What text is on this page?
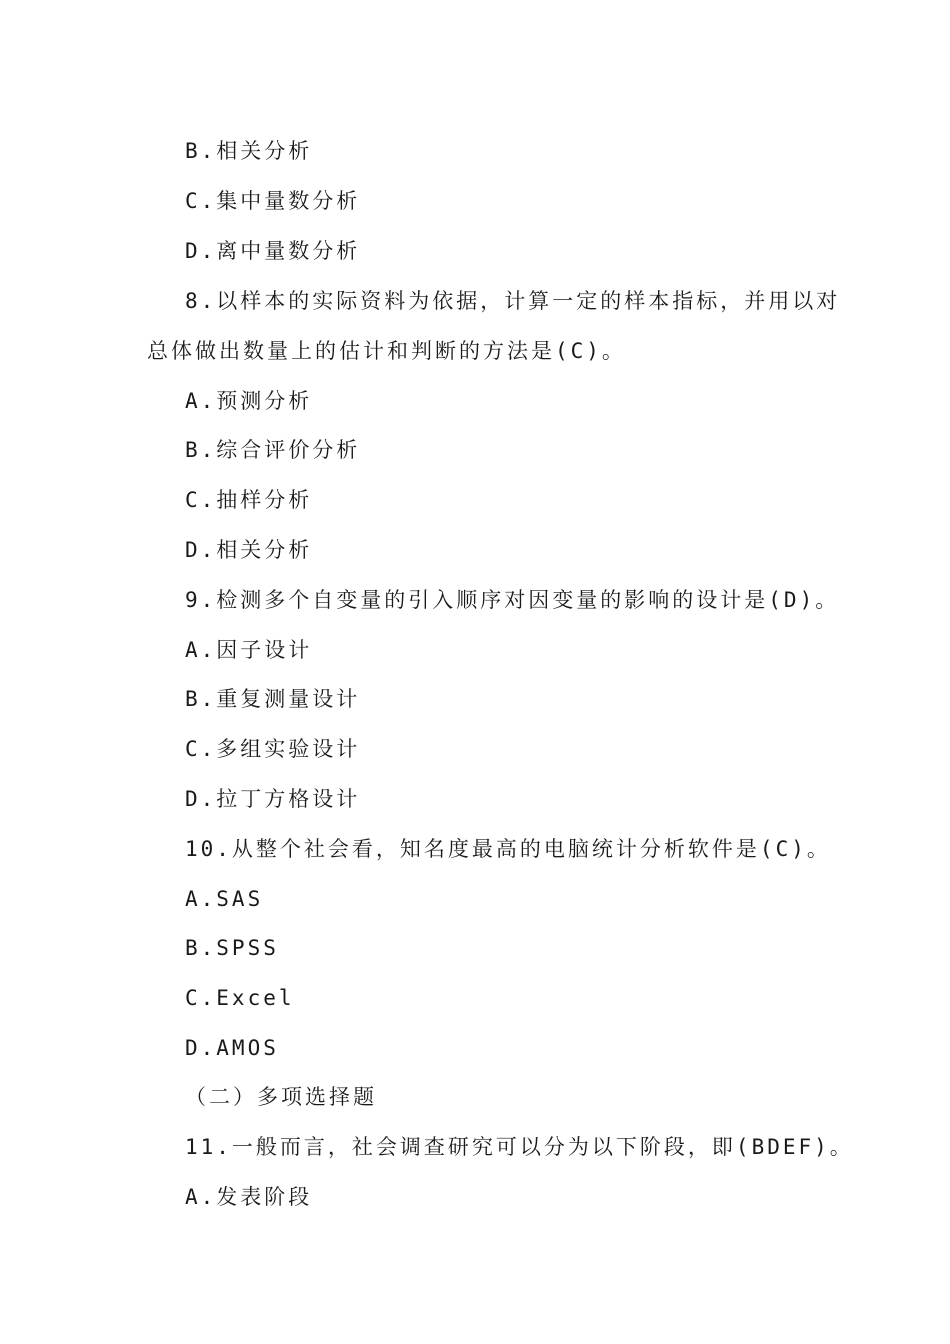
B.相关分析
C.集中量数分析
D.离中量数分析
8.以样本的实际资料为依据，计算一定的样本指标，并用以对
总体做出数量上的估计和判断的方法是(C)。
A.预测分析
B.综合评价分析
C.抽样分析
D.相关分析
9.检测多个自变量的引入顺序对因变量的影响的设计是(D)。
A.因子设计
B.重复测量设计
C.多组实验设计
D.拉丁方格设计
10.从整个社会看，知名度最高的电脑统计分析软件是(C)。
A.SAS
B.SPSS
C.Excel
D.AMOS
（二）多项选择题
11.一般而言，社会调查研究可以分为以下阶段，即(BDEF)。
A.发表阶段
